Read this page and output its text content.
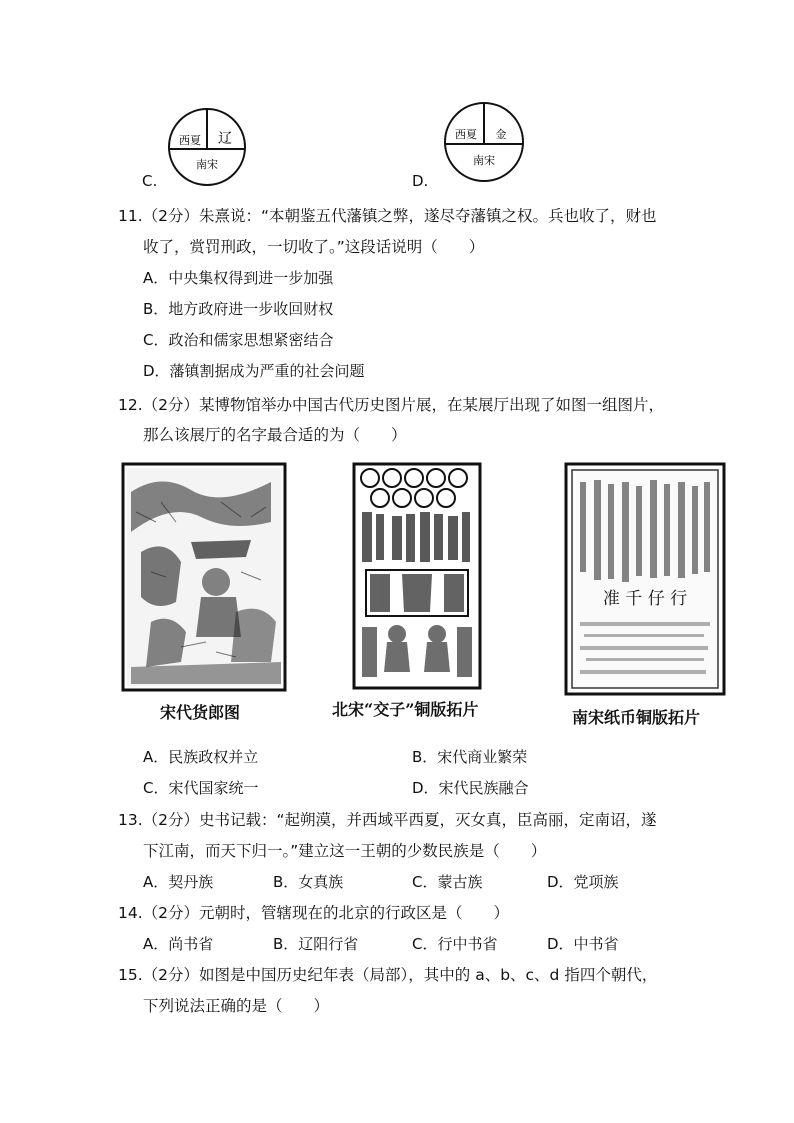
西夏 辽
南宋
C.
西夏 金
南宋
D.
11.（2分）朱熹说：“本朝鉴五代藩镇之弊，遂尽夺藩镇之权。兵也收了，财也
收了，赏罚刑政，一切收了。”这段话说明（　　）
A．中央集权得到进一步加强
B．地方政府进一步收回财权
C．政治和儒家思想紧密结合
D．藩镇割据成为严重的社会问题
12.（2分）某博物馆举办中国古代历史图片展，在某展厅出现了如图一组图片，
那么该展厅的名字最合适的为（　　）
准 千 仔 行
宋代货郎图	北宋“交子”铜版拓片	南宋纸币铜版拓片
A．民族政权并立	B．宋代商业繁荣
C．宋代国家统一	D．宋代民族融合
13.（2分）史书记载：“起朔漠，并西域平西夏，灭女真，臣高丽，定南诏，遂
下江南，而天下归一。”建立这一王朝的少数民族是（　　）
A．契丹族	B．女真族	C．蒙古族	D．党项族
14.（2分）元朝时，管辖现在的北京的行政区是（　　）
A．尚书省	B．辽阳行省	C．行中书省	D．中书省
15.（2分）如图是中国历史纪年表（局部），其中的 a、b、c、d 指四个朝代，
下列说法正确的是（　　）
